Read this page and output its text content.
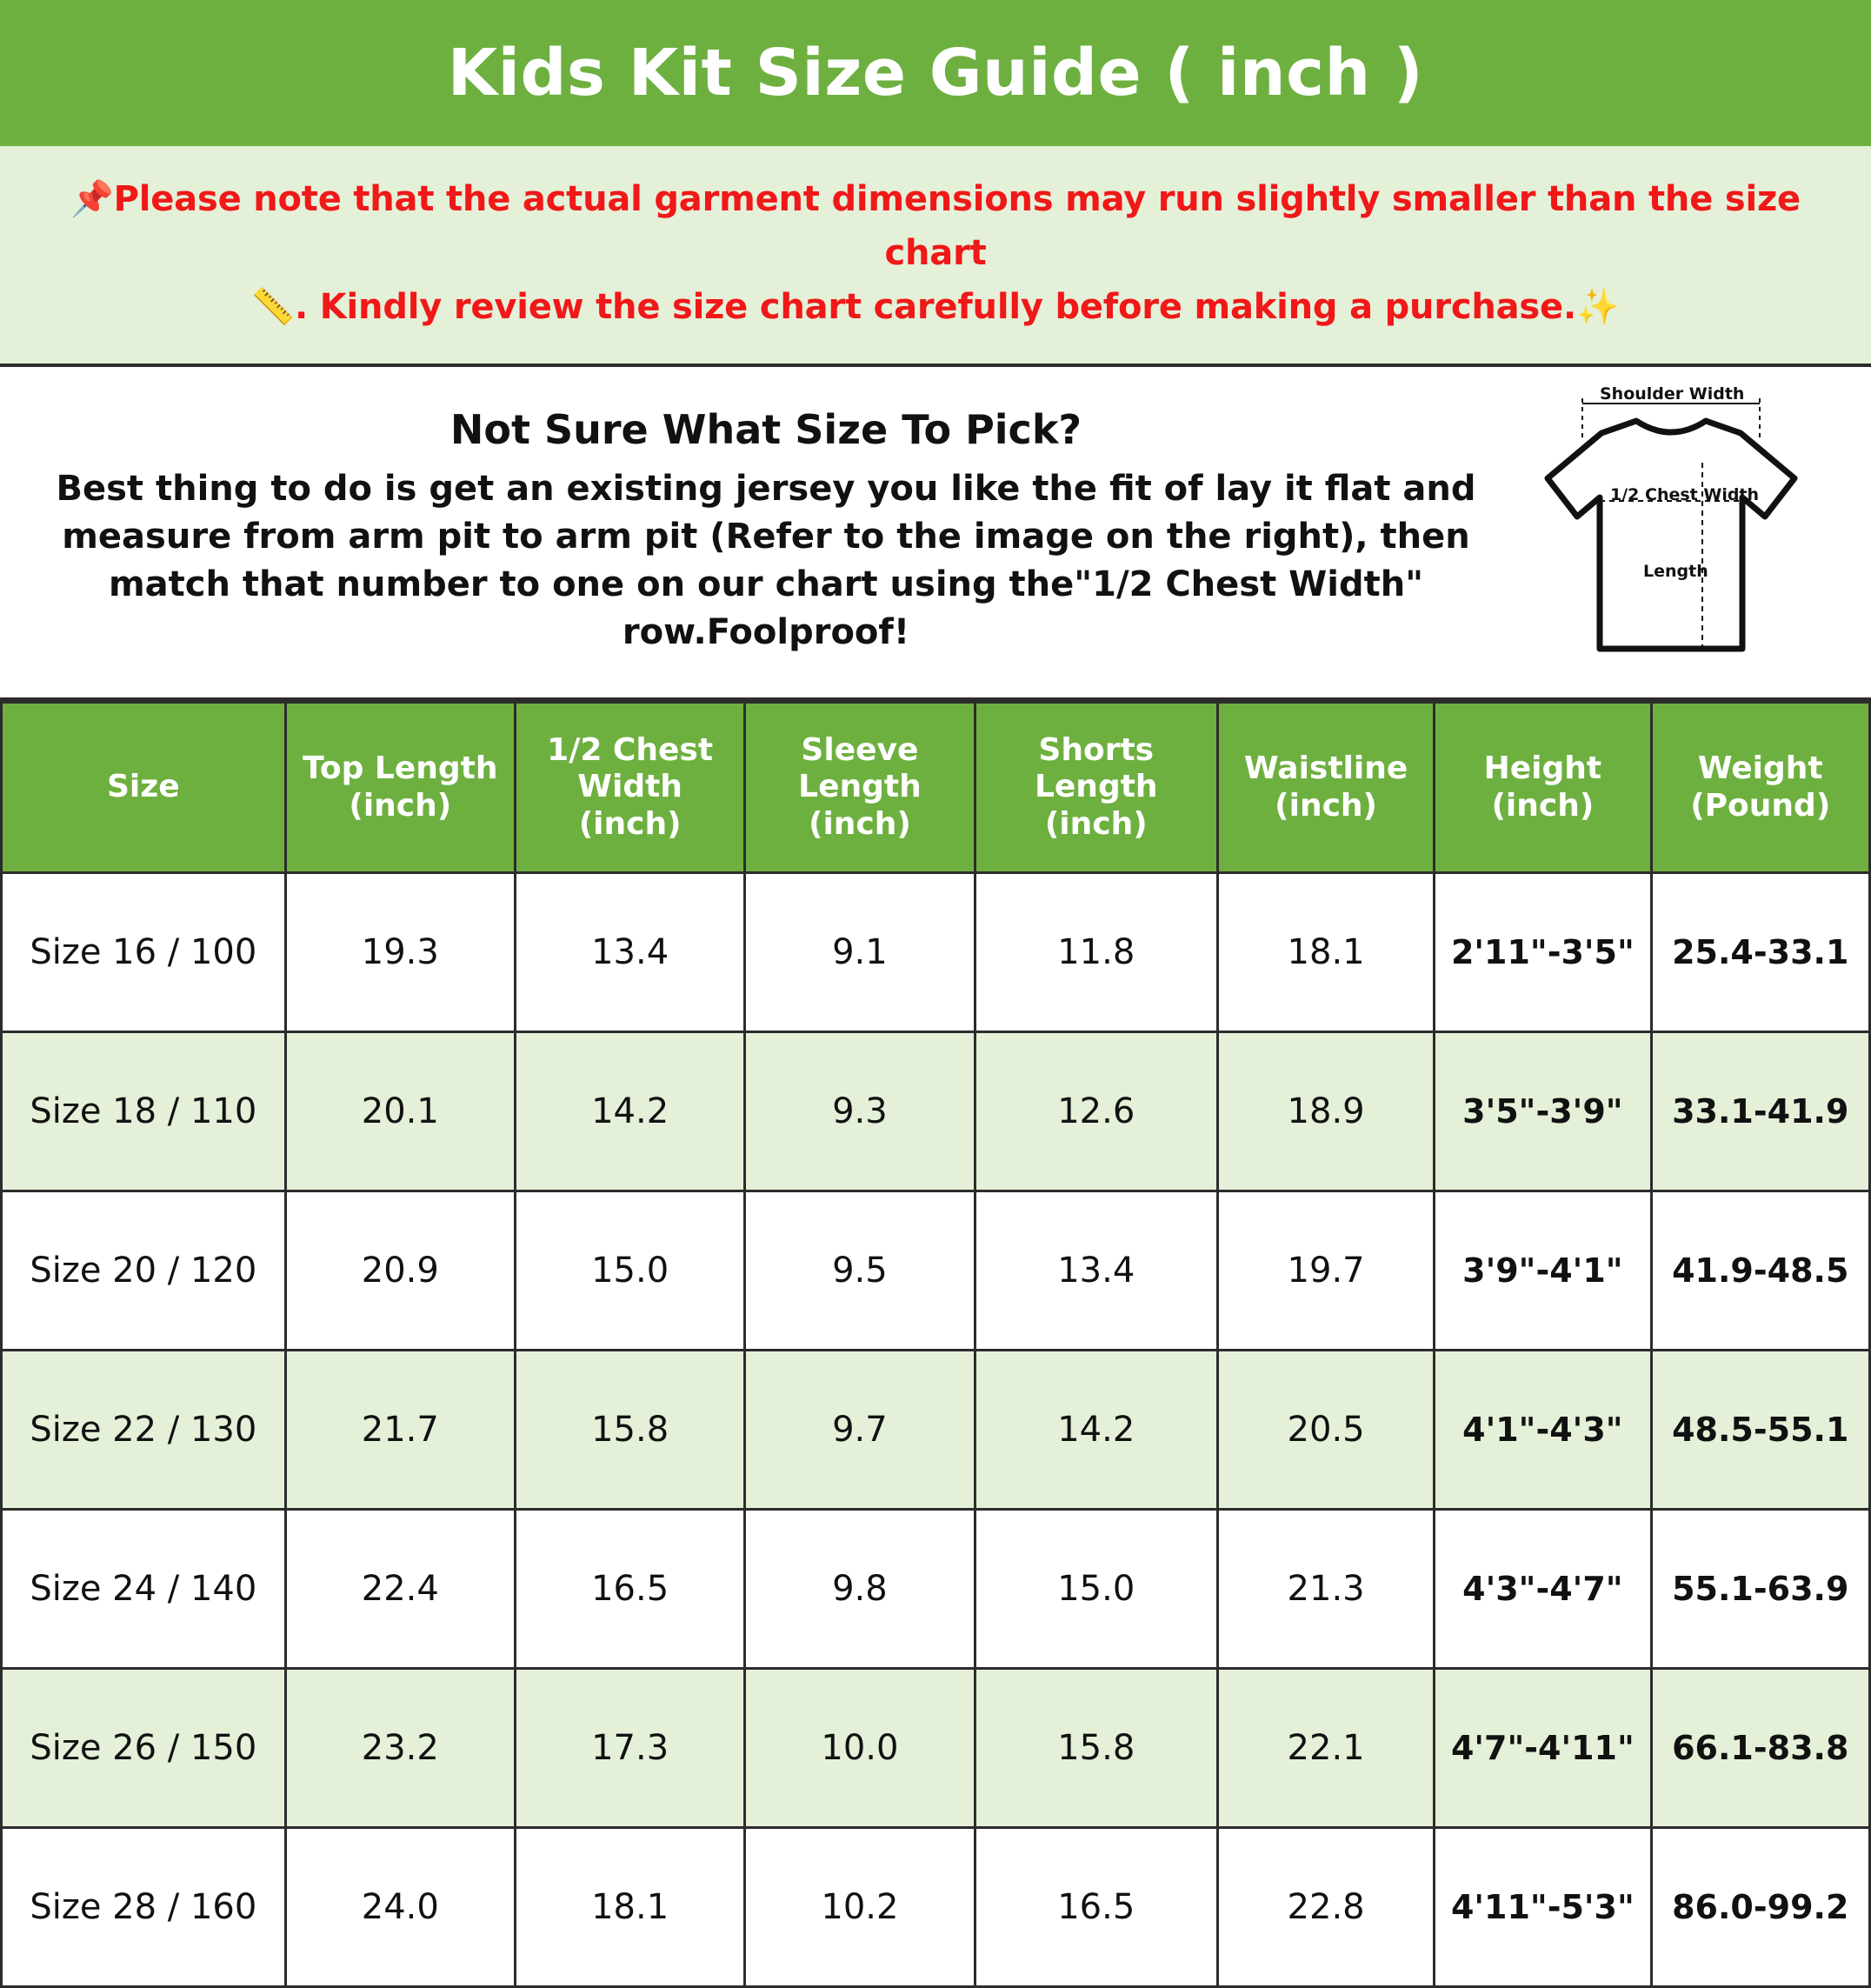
Kids Kit Size Guide ( inch )
📌Please note that the actual garment dimensions may run slightly smaller than the size chart
📏. Kindly review the size chart carefully before making a purchase.✨
Not Sure What Size To Pick?
Best thing to do is get an existing jersey you like the fit of lay it flat and measure from arm pit to arm pit (Refer to the image on the right), then match that number to one on our chart using the"1/2 Chest Width" row.Foolproof!
Shoulder Width
1/2 Chest Width
Length
Size

Top Length
(inch)

1/2 Chest
Width (inch)

Sleeve
Length (inch)

Shorts
Length (inch)

Waistline
(inch)

Height
(inch)

Weight
(Pound)

Size 16 / 100	19.3	13.4	9.1	11.8	18.1	2'11"-3'5"	25.4-33.1
Size 18 / 110	20.1	14.2	9.3	12.6	18.9	3'5"-3'9"	33.1-41.9
Size 20 / 120	20.9	15.0	9.5	13.4	19.7	3'9"-4'1"	41.9-48.5
Size 22 / 130	21.7	15.8	9.7	14.2	20.5	4'1"-4'3"	48.5-55.1
Size 24 / 140	22.4	16.5	9.8	15.0	21.3	4'3"-4'7"	55.1-63.9
Size 26 / 150	23.2	17.3	10.0	15.8	22.1	4'7"-4'11"	66.1-83.8
Size 28 / 160	24.0	18.1	10.2	16.5	22.8	4'11"-5'3"	86.0-99.2
